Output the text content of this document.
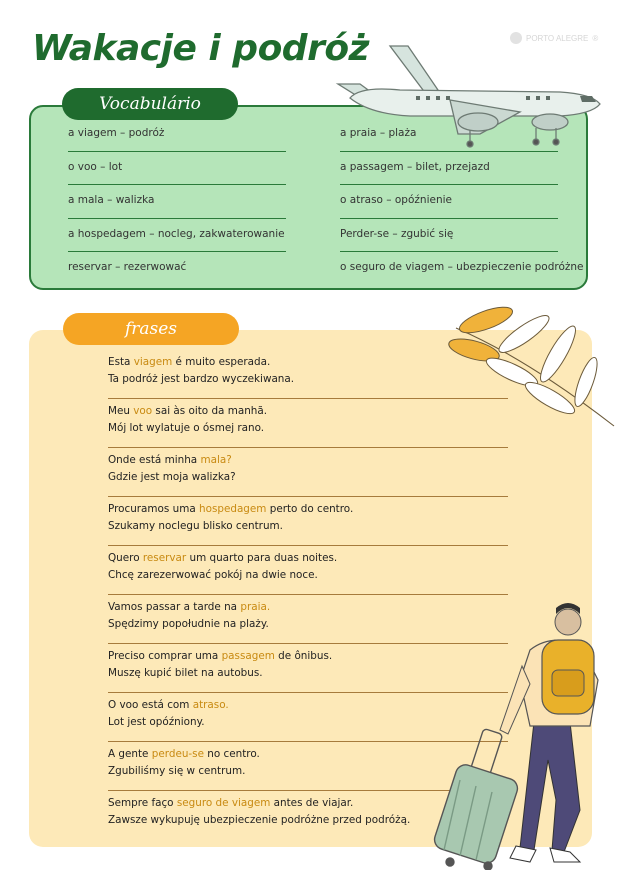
Wakacje i podróż	PORTO ALEGRE ®
Vocabulário
a viagem – podróż
o voo – lot
a mala – walizka
a hospedagem – nocleg, zakwaterowanie
reservar – rezerwować
a praia – plaża
a passagem – bilet, przejazd
o atraso – opóźnienie
Perder-se – zgubić się
o seguro de viagem – ubezpieczenie podróżne
frases
Esta viagem é muito esperada.
Ta podróż jest bardzo wyczekiwana.
Meu voo sai às oito da manhã.
Mój lot wylatuje o ósmej rano.
Onde está minha mala?
Gdzie jest moja walizka?
Procuramos uma hospedagem perto do centro.
Szukamy noclegu blisko centrum.
Quero reservar um quarto para duas noites.
Chcę zarezerwować pokój na dwie noce.
Vamos passar a tarde na praia.
Spędzimy popołudnie na plaży.
Preciso comprar uma passagem de ônibus.
Muszę kupić bilet na autobus.
O voo está com atraso.
Lot jest opóźniony.
A gente perdeu-se no centro.
Zgubiliśmy się w centrum.
Sempre faço seguro de viagem antes de viajar.
Zawsze wykupuję ubezpieczenie podróżne przed podróżą.
